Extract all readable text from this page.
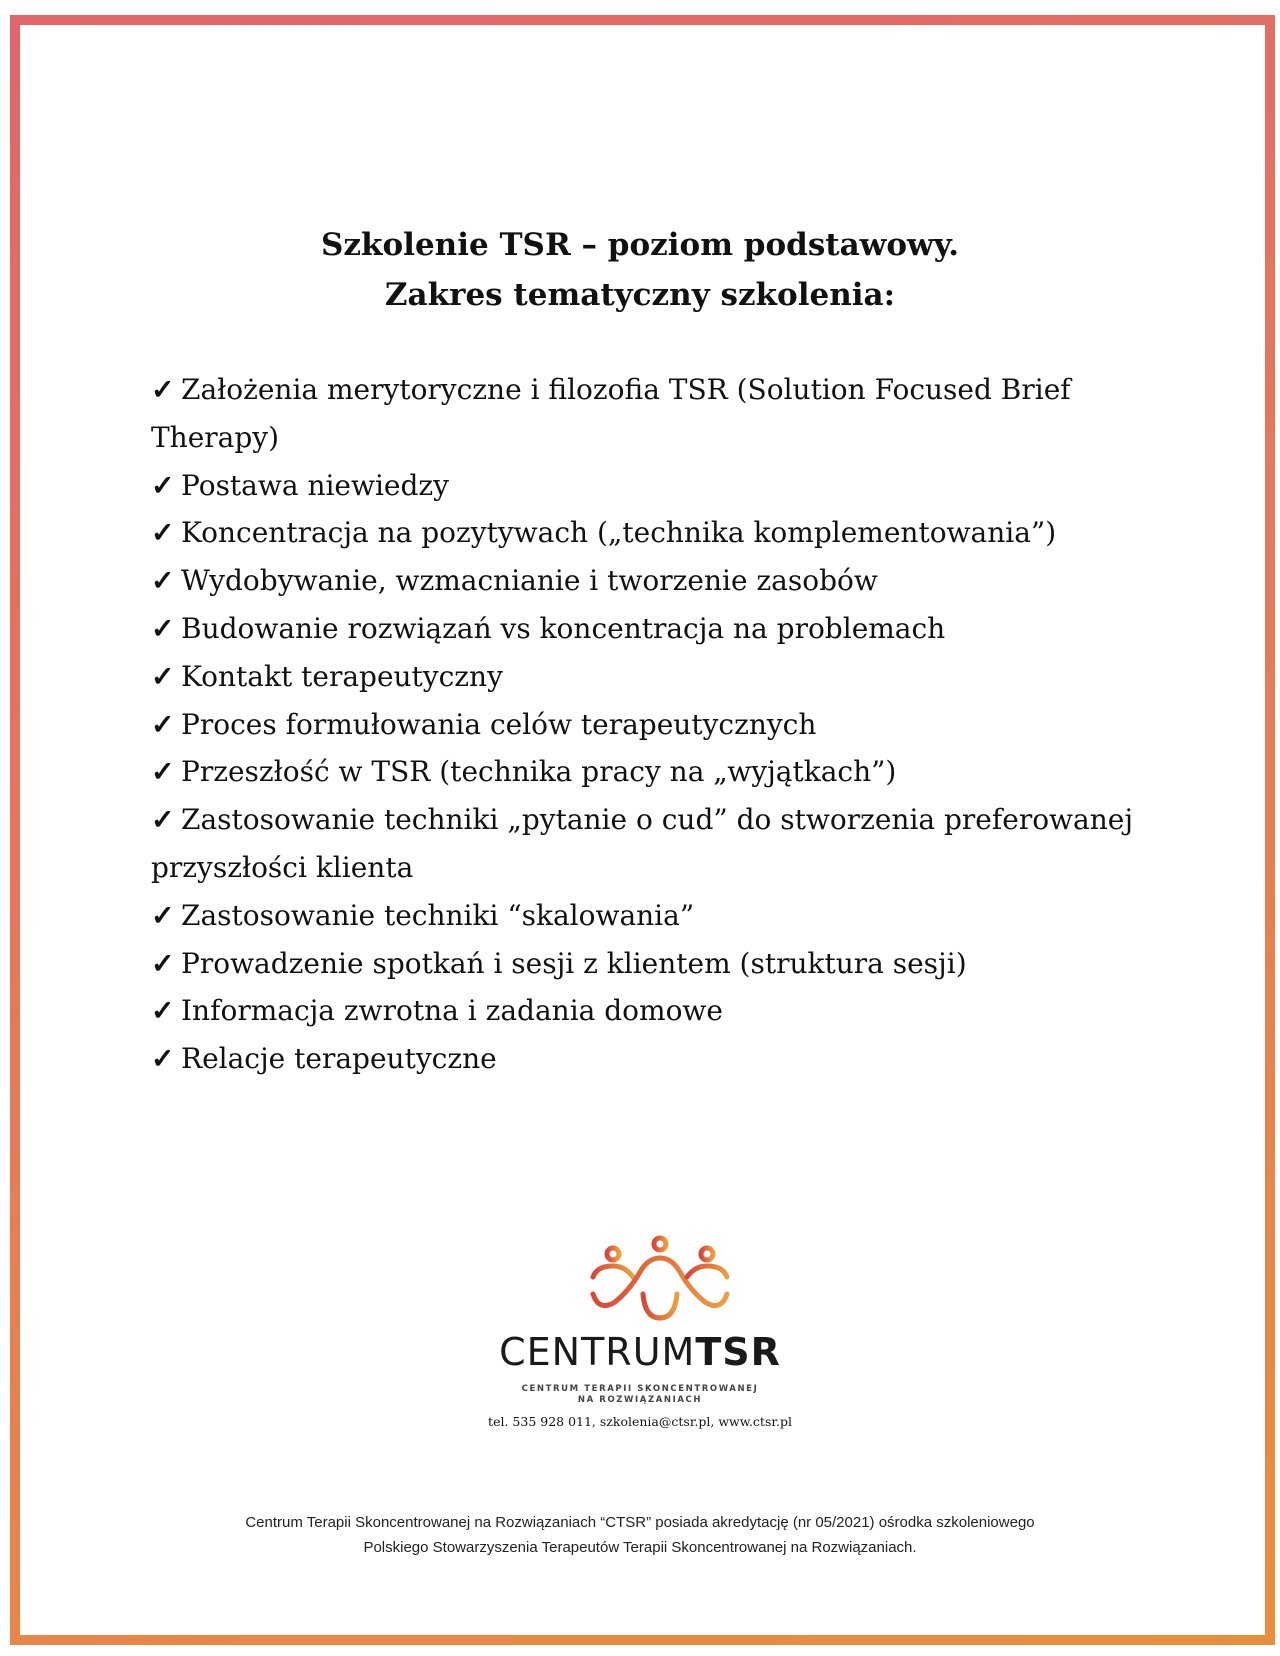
Szkolenie TSR – poziom podstawowy.
Zakres tematyczny szkolenia:
✓ Założenia merytoryczne i filozofia TSR (Solution Focused Brief Therapy)
✓ Postawa niewiedzy
✓ Koncentracja na pozytywach („technika komplementowania”)
✓ Wydobywanie, wzmacnianie i tworzenie zasobów
✓ Budowanie rozwiązań vs koncentracja na problemach
✓ Kontakt terapeutyczny
✓ Proces formułowania celów terapeutycznych
✓ Przeszłość w TSR (technika pracy na „wyjątkach”)
✓ Zastosowanie techniki „pytanie o cud” do stworzenia preferowanej przyszłości klienta
✓ Zastosowanie techniki “skalowania”
✓ Prowadzenie spotkań i sesji z klientem (struktura sesji)
✓ Informacja zwrotna i zadania domowe
✓ Relacje terapeutyczne
CENTRUMTSR
CENTRUM TERAPII SKONCENTROWANEJ
NA ROZWIĄZANIACH
tel. 535 928 011, szkolenia@ctsr.pl, www.ctsr.pl
Centrum Terapii Skoncentrowanej na Rozwiązaniach “CTSR” posiada akredytację (nr 05/2021) ośrodka szkoleniowego
Polskiego Stowarzyszenia Terapeutów Terapii Skoncentrowanej na Rozwiązaniach.
